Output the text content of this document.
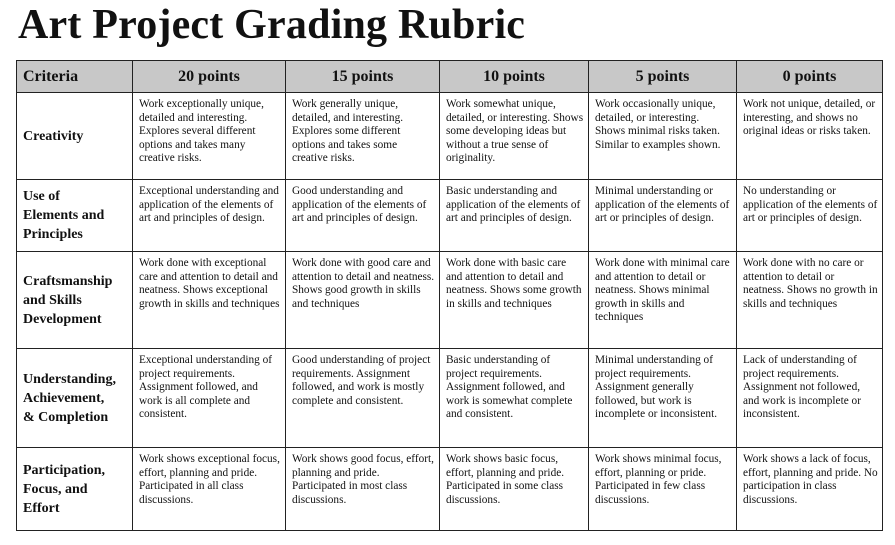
Art Project Grading Rubric
Criteria	20 points	15 points	10 points	5 points	0 points

Creativity	Work exceptionally unique, detailed and interesting. Explores several different options and takes many creative risks.	Work generally unique, detailed, and interesting. Explores some different options and takes some creative risks.	Work somewhat unique, detailed, or interesting. Shows some developing ideas but without a true sense of originality.	Work occasionally unique, detailed, or interesting. Shows minimal risks taken. Similar to examples shown.	Work not unique, detailed, or interesting, and shows no original ideas or risks taken.

Use of
Elements and
Principles	Exceptional understanding and application of the elements of art and principles of design.	Good understanding and application of the elements of art and principles of design.	Basic understanding and application of the elements of art and principles of design.	Minimal understanding or application of the elements of art or principles of design.	No understanding or application of the elements of art or principles of design.

Craftsmanship
and Skills
Development	Work done with exceptional care and attention to detail and neatness. Shows exceptional growth in skills and techniques	Work done with good care and attention to detail and neatness. Shows good growth in skills and techniques	Work done with basic care and attention to detail and neatness. Shows some growth in skills and techniques	Work done with minimal care and attention to detail or neatness. Shows minimal growth in skills and techniques	Work done with no care or attention to detail or neatness. Shows no growth in skills and techniques

Understanding,
Achievement,
& Completion	Exceptional understanding of project requirements. Assignment followed, and work is all complete and consistent.	Good understanding of project requirements. Assignment followed, and work is mostly complete and consistent.	Basic understanding of project requirements. Assignment followed, and work is somewhat complete and consistent.	Minimal understanding of project requirements. Assignment generally followed, but work is incomplete or inconsistent.	Lack of understanding of project requirements. Assignment not followed, and work is incomplete or inconsistent.

Participation,
Focus, and
Effort	Work shows exceptional focus, effort, planning and pride. Participated in all class discussions.	Work shows good focus, effort, planning and pride. Participated in most class discussions.	Work shows basic focus, effort, planning and pride. Participated in some class discussions.	Work shows minimal focus, effort, planning or pride. Participated in few class discussions.	Work shows a lack of focus, effort, planning and pride. No participation in class discussions.
